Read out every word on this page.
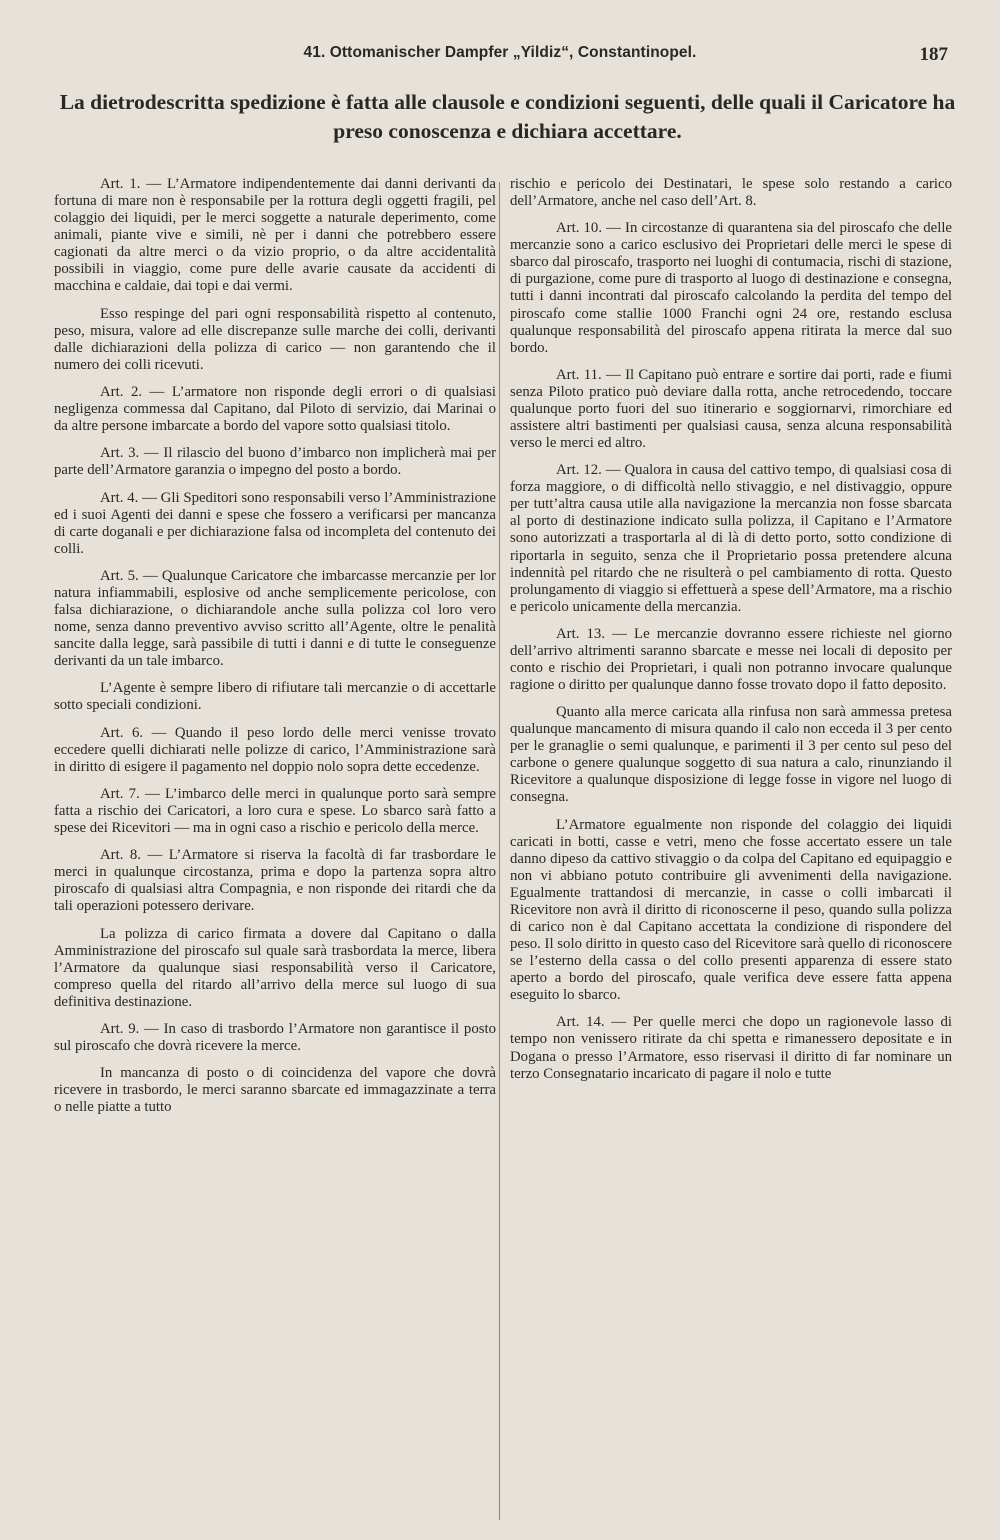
41. Ottomanischer Dampfer „Yildiz“, Constantinopel.	187
La dietrodescritta spedizione è fatta alle clausole e condizioni seguenti, delle quali il Caricatore ha preso conoscenza e dichiara accettare.

Art. 1. — L’Armatore indipendentemente dai danni derivanti da fortuna di mare non è responsabile per la rottura degli oggetti fragili, pel colaggio dei liquidi, per le merci soggette a naturale deperimento, come animali, piante vive e simili, nè per i danni che potrebbero essere cagionati da altre merci o da vizio proprio, o da altre accidentalità possibili in viaggio, come pure delle avarie causate da accidenti di macchina e caldaie, dai topi e dai vermi.

Esso respinge del pari ogni responsabilità rispetto al contenuto, peso, misura, valore ad elle discrepanze sulle marche dei colli, derivanti dalle dichiarazioni della polizza di carico — non garantendo che il numero dei colli ricevuti.

Art. 2. — L’armatore non risponde degli errori o di qualsiasi negligenza commessa dal Capitano, dal Piloto di servizio, dai Marinai o da altre persone imbarcate a bordo del vapore sotto qualsiasi titolo.

Art. 3. — Il rilascio del buono d’imbarco non implicherà mai per parte dell’Armatore garanzia o impegno del posto a bordo.

Art. 4. — Gli Speditori sono responsabili verso l’Amministrazione ed i suoi Agenti dei danni e spese che fossero a verificarsi per mancanza di carte doganali e per dichiarazione falsa od incompleta del contenuto dei colli.

Art. 5. — Qualunque Caricatore che imbarcasse mercanzie per lor natura infiammabili, esplosive od anche semplicemente pericolose, con falsa dichiarazione, o dichiarandole anche sulla polizza col loro vero nome, senza danno preventivo avviso scritto all’Agente, oltre le penalità sancite dalla legge, sarà passibile di tutti i danni e di tutte le conseguenze derivanti da un tale imbarco.

L’Agente è sempre libero di rifiutare tali mercanzie o di accettarle sotto speciali condizioni.

Art. 6. — Quando il peso lordo delle merci venisse trovato eccedere quelli dichiarati nelle polizze di carico, l’Amministrazione sarà in diritto di esigere il pagamento nel doppio nolo sopra dette eccedenze.

Art. 7. — L’imbarco delle merci in qualunque porto sarà sempre fatta a rischio dei Caricatori, a loro cura e spese. Lo sbarco sarà fatto a spese dei Ricevitori — ma in ogni caso a rischio e pericolo della merce.

Art. 8. — L’Armatore si riserva la facoltà di far trasbordare le merci in qualunque circostanza, prima e dopo la partenza sopra altro piroscafo di qualsiasi altra Compagnia, e non risponde dei ritardi che da tali operazioni potessero derivare.

La polizza di carico firmata a dovere dal Capitano o dalla Amministrazione del piroscafo sul quale sarà trasbordata la merce, libera l’Armatore da qualunque siasi responsabilità verso il Caricatore, compreso quella del ritardo all’arrivo della merce sul luogo di sua definitiva destinazione.

Art. 9. — In caso di trasbordo l’Armatore non garantisce il posto sul piroscafo che dovrà ricevere la merce.

In mancanza di posto o di coincidenza del vapore che dovrà ricevere in trasbordo, le merci saranno sbarcate ed immagazzinate a terra o nelle piatte a tutto

rischio e pericolo dei Destinatari, le spese solo restando a carico dell’Armatore, anche nel caso dell’Art. 8.

Art. 10. — In circostanze di quarantena sia del piroscafo che delle mercanzie sono a carico esclusivo dei Proprietari delle merci le spese di sbarco dal piroscafo, trasporto nei luoghi di contumacia, rischi di stazione, di purgazione, come pure di trasporto al luogo di destinazione e consegna, tutti i danni incontrati dal piroscafo calcolando la perdita del tempo del piroscafo come stallie 1000 Franchi ogni 24 ore, restando esclusa qualunque responsabilità del piroscafo appena ritirata la merce dal suo bordo.

Art. 11. — Il Capitano può entrare e sortire dai porti, rade e fiumi senza Piloto pratico può deviare dalla rotta, anche retrocedendo, toccare qualunque porto fuori del suo itinerario e soggiornarvi, rimorchiare ed assistere altri bastimenti per qualsiasi causa, senza alcuna responsabilità verso le merci ed altro.

Art. 12. — Qualora in causa del cattivo tempo, di qualsiasi cosa di forza maggiore, o di difficoltà nello stivaggio, e nel distivaggio, oppure per tutt’altra causa utile alla navigazione la mercanzia non fosse sbarcata al porto di destinazione indicato sulla polizza, il Capitano e l’Armatore sono autorizzati a trasportarla al di là di detto porto, sotto condizione di riportarla in seguito, senza che il Proprietario possa pretendere alcuna indennità pel ritardo che ne risulterà o pel cambiamento di rotta. Questo prolungamento di viaggio si effettuerà a spese dell’Armatore, ma a rischio e pericolo unicamente della mercanzia.

Art. 13. — Le mercanzie dovranno essere richieste nel giorno dell’arrivo altrimenti saranno sbarcate e messe nei locali di deposito per conto e rischio dei Proprietari, i quali non potranno invocare qualunque ragione o diritto per qualunque danno fosse trovato dopo il fatto deposito.

Quanto alla merce caricata alla rinfusa non sarà ammessa pretesa qualunque mancamento di misura quando il calo non ecceda il 3 per cento per le granaglie o semi qualunque, e parimenti il 3 per cento sul peso del carbone o genere qualunque soggetto di sua natura a calo, rinunziando il Ricevitore a qualunque disposizione di legge fosse in vigore nel luogo di consegna.

L’Armatore egualmente non risponde del colaggio dei liquidi caricati in botti, casse e vetri, meno che fosse accertato essere un tale danno dipeso da cattivo stivaggio o da colpa del Capitano ed equipaggio e non vi abbiano potuto contribuire gli avvenimenti della navigazione. Egualmente trattandosi di mercanzie, in casse o colli imbarcati il Ricevitore non avrà il diritto di riconoscerne il peso, quando sulla polizza di carico non è dal Capitano accettata la condizione di rispondere del peso. Il solo diritto in questo caso del Ricevitore sarà quello di riconoscere se l’esterno della cassa o del collo presenti apparenza di essere stato aperto a bordo del piroscafo, quale verifica deve essere fatta appena eseguito lo sbarco.

Art. 14. — Per quelle merci che dopo un ragionevole lasso di tempo non venissero ritirate da chi spetta e rimanessero depositate e in Dogana o presso l’Armatore, esso riservasi il diritto di far nominare un terzo Consegnatario incaricato di pagare il nolo e tutte
